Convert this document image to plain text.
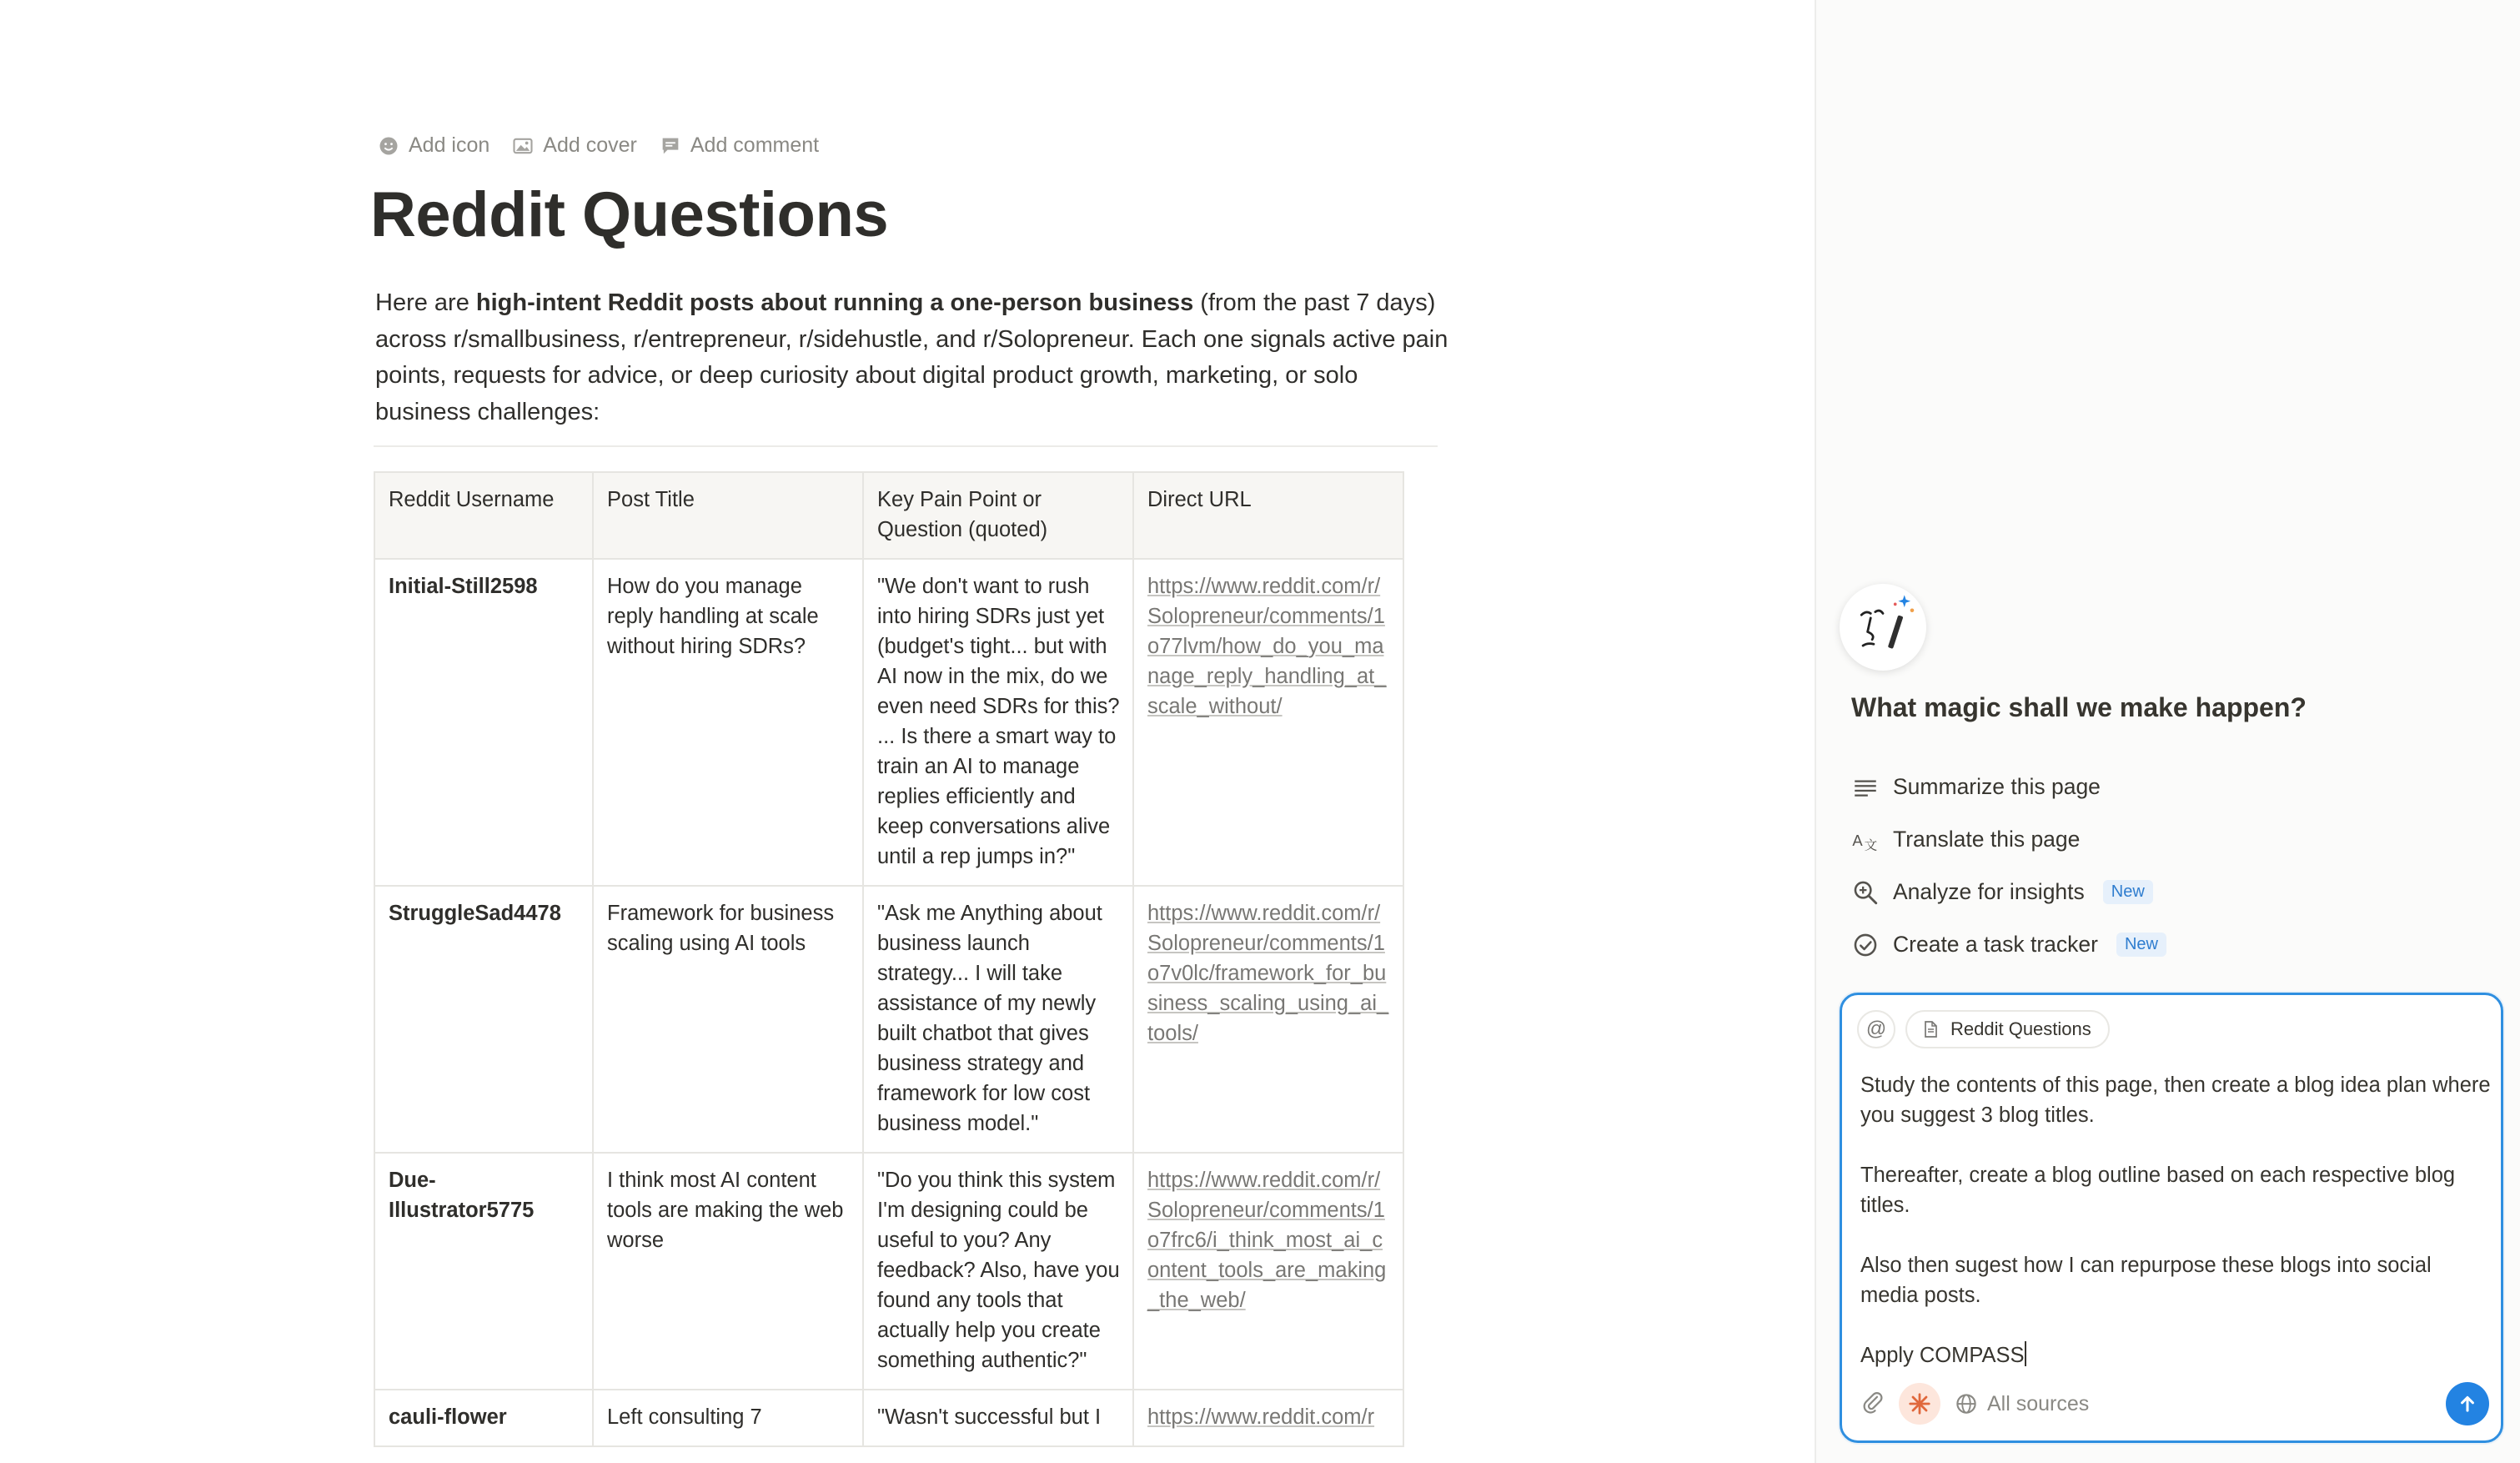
Add icon	Add cover	Add comment
Reddit Questions

Here are high-intent Reddit posts about running a one-person business (from the past 7 days) across r/smallbusiness, r/entrepreneur, r/sidehustle, and r/Solopreneur. Each one signals active pain points, requests for advice, or deep curiosity about digital product growth, marketing, or solo business challenges:

Reddit Username	Post Title	Key Pain Point or Question (quoted)	Direct URL
Initial-Still2598	How do you manage reply handling at scale without hiring SDRs?	"We don't want to rush into hiring SDRs just yet (budget's tight... but with AI now in the mix, do we even need SDRs for this? ... Is there a smart way to train an AI to manage replies efficiently and keep conversations alive until a rep jumps in?"	https://www.reddit.com/r/Solopreneur/comments/1o77lvm/how_do_you_manage_reply_handling_at_scale_without/
StruggleSad4478	Framework for business scaling using AI tools	"Ask me Anything about business launch strategy... I will take assistance of my newly built chatbot that gives business strategy and framework for low cost business model."	https://www.reddit.com/r/Solopreneur/comments/1o7v0lc/framework_for_business_scaling_using_ai_tools/
Due-Illustrator5775	I think most AI content tools are making the web worse	"Do you think this system I'm designing could be useful to you? Any feedback? Also, have you found any tools that actually help you create something authentic?"	https://www.reddit.com/r/Solopreneur/comments/1o7frc6/i_think_most_ai_content_tools_are_making_the_web/
cauli-flower	Left consulting 7	"Wasn't successful but I	https://www.reddit.com/r
What magic shall we make happen?
Summarize this page
A 文 Translate this page
Analyze for insights	New
Create a task tracker	New
@	Reddit Questions
Study the contents of this page, then create a blog idea plan where you suggest 3 blog titles.

Thereafter, create a blog outline based on each respective blog titles.

Also then sugest how I can repurpose these blogs into social media posts.

Apply COMPASS
All sources
